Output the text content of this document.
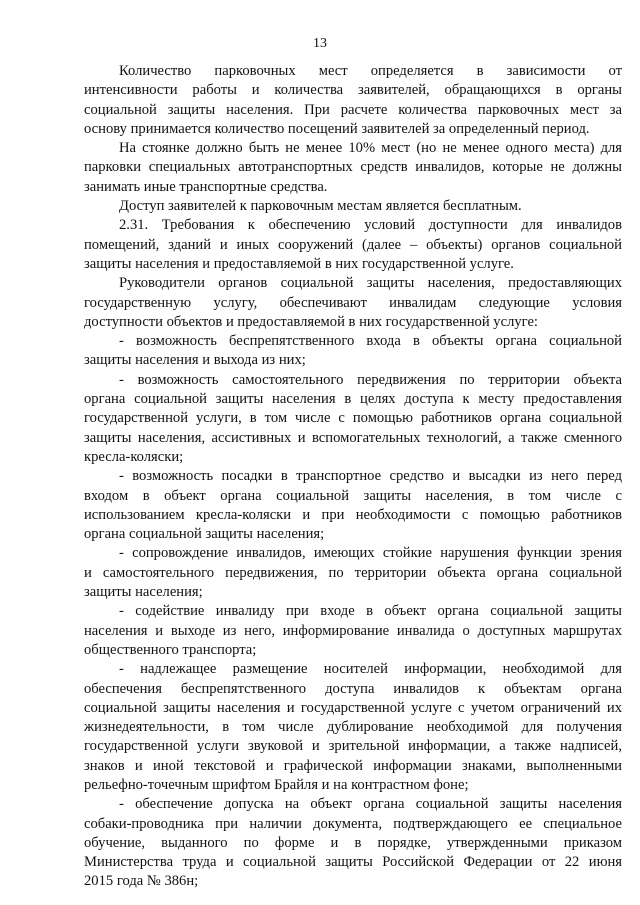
13
Количество парковочных мест определяется в зависимости от
интенсивности работы и количества заявителей, обращающихся в органы
социальной защиты населения. При расчете количества парковочных мест за
основу принимается количество посещений заявителей за определенный период.
На стоянке должно быть не менее 10% мест (но не менее одного места) для
парковки специальных автотранспортных средств инвалидов, которые не должны
занимать иные транспортные средства.
Доступ заявителей к парковочным местам является бесплатным.
2.31. Требования к обеспечению условий доступности для инвалидов
помещений, зданий и иных сооружений (далее – объекты) органов социальной
защиты населения и предоставляемой в них государственной услуге.
Руководители органов социальной защиты населения, предоставляющих
государственную услугу, обеспечивают инвалидам следующие условия
доступности объектов и предоставляемой в них государственной услуге:
- возможность беспрепятственного входа в объекты органа социальной
защиты населения и выхода из них;
- возможность самостоятельного передвижения по территории объекта
органа социальной защиты населения в целях доступа к месту предоставления
государственной услуги, в том числе с помощью работников органа социальной
защиты населения, ассистивных и вспомогательных технологий, а также сменного
кресла-коляски;
- возможность посадки в транспортное средство и высадки из него перед
входом в объект органа социальной защиты населения, в том числе с
использованием кресла-коляски и при необходимости с помощью работников
органа социальной защиты населения;
- сопровождение инвалидов, имеющих стойкие нарушения функции зрения
и самостоятельного передвижения, по территории объекта органа социальной
защиты населения;
- содействие инвалиду при входе в объект органа социальной защиты
населения и выходе из него, информирование инвалида о доступных маршрутах
общественного транспорта;
- надлежащее размещение носителей информации, необходимой для
обеспечения беспрепятственного доступа инвалидов к объектам органа
социальной защиты населения и государственной услуге с учетом ограничений их
жизнедеятельности, в том числе дублирование необходимой для получения
государственной услуги звуковой и зрительной информации, а также надписей,
знаков и иной текстовой и графической информации знаками, выполненными
рельефно-точечным шрифтом Брайля и на контрастном фоне;
- обеспечение допуска на объект органа социальной защиты населения
собаки-проводника при наличии документа, подтверждающего ее специальное
обучение, выданного по форме и в порядке, утвержденными приказом
Министерства труда и социальной защиты Российской Федерации от 22 июня
2015 года № 386н;
